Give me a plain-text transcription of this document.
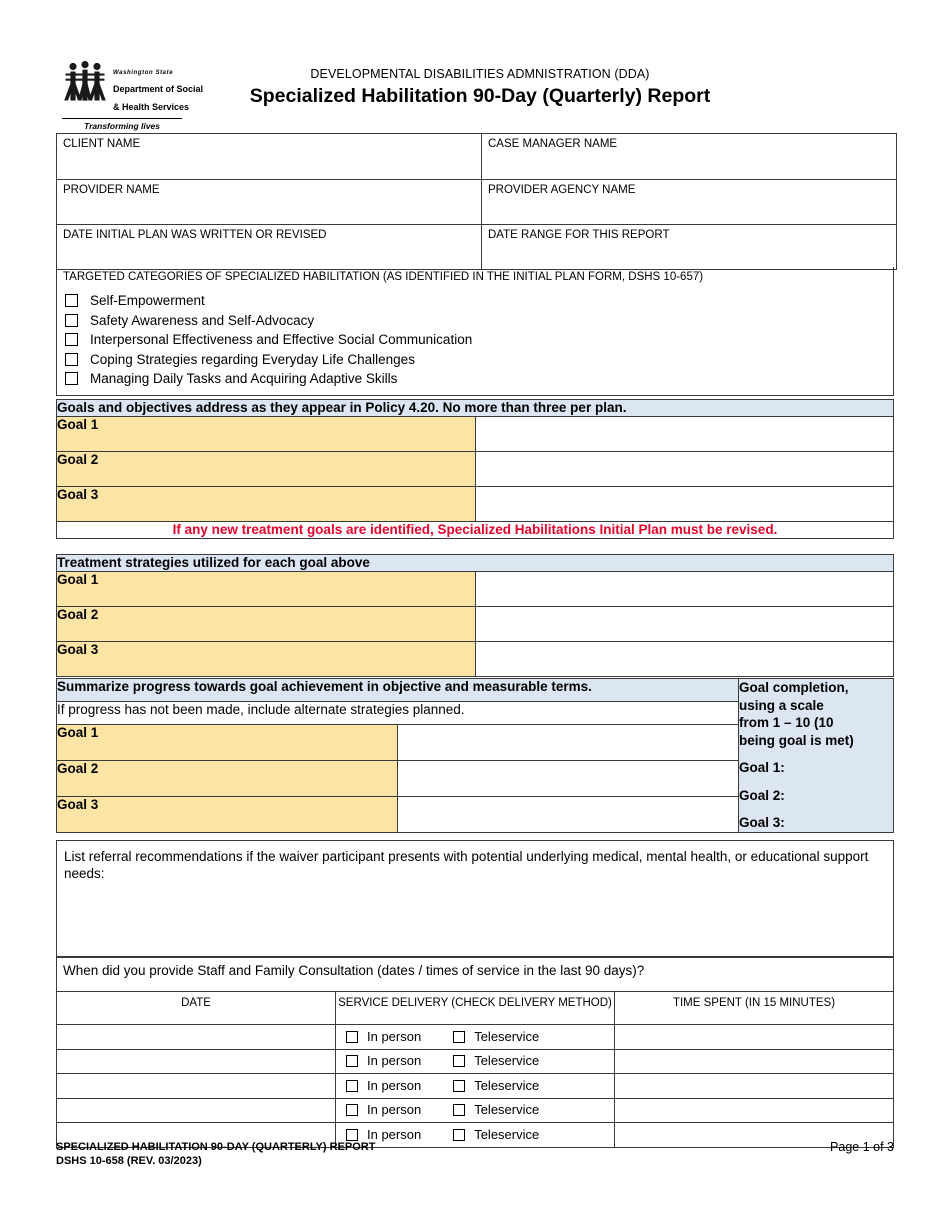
Washington State Department of Social & Health Services
Transforming lives
DEVELOPMENTAL DISABILITIES ADMNISTRATION (DDA)
Specialized Habilitation 90-Day (Quarterly) Report
CLIENT NAME	CASE MANAGER NAME

PROVIDER NAME	PROVIDER AGENCY NAME

DATE INITIAL PLAN WAS WRITTEN OR REVISED	DATE RANGE FOR THIS REPORT
TARGETED CATEGORIES OF SPECIALIZED HABILITATION (AS IDENTIFIED IN THE INITIAL PLAN FORM, DSHS 10-657)
Self-Empowerment
Safety Awareness and Self-Advocacy
Interpersonal Effectiveness and Effective Social Communication
Coping Strategies regarding Everyday Life Challenges
Managing Daily Tasks and Acquiring Adaptive Skills
Goals and objectives address as they appear in Policy 4.20. No more than three per plan.	
Goal 1	
Goal 2	
Goal 3	
If any new treatment goals are identified, Specialized Habilitations Initial Plan must be revised.	
Treatment strategies utilized for each goal above	
Goal 1	
Goal 2	
Goal 3	
Summarize progress towards goal achievement in objective and measurable terms.	Goal completion,
using a scale
from 1 – 10 (10
being goal is met)
Goal 1:
Goal 2:
Goal 3:

If progress has not been made, include alternate strategies planned.		
Goal 1		
Goal 2		
Goal 3		
List referral recommendations if the waiver participant presents with potential underlying medical, mental health, or educational support needs:
When did you provide Staff and Family Consultation (dates / times of service in the last 90 days)?		
DATE	SERVICE DELIVERY (CHECK DELIVERY METHOD)	TIME SPENT (IN 15 MINUTES)

	In person Teleservice	

	In person Teleservice	

	In person Teleservice	

	In person Teleservice	

	In person Teleservice	

SPECIALIZED HABILITATION 90-DAY (QUARTERLY) REPORT
DSHS 10-658 (REV. 03/2023)
Page 1 of 3
